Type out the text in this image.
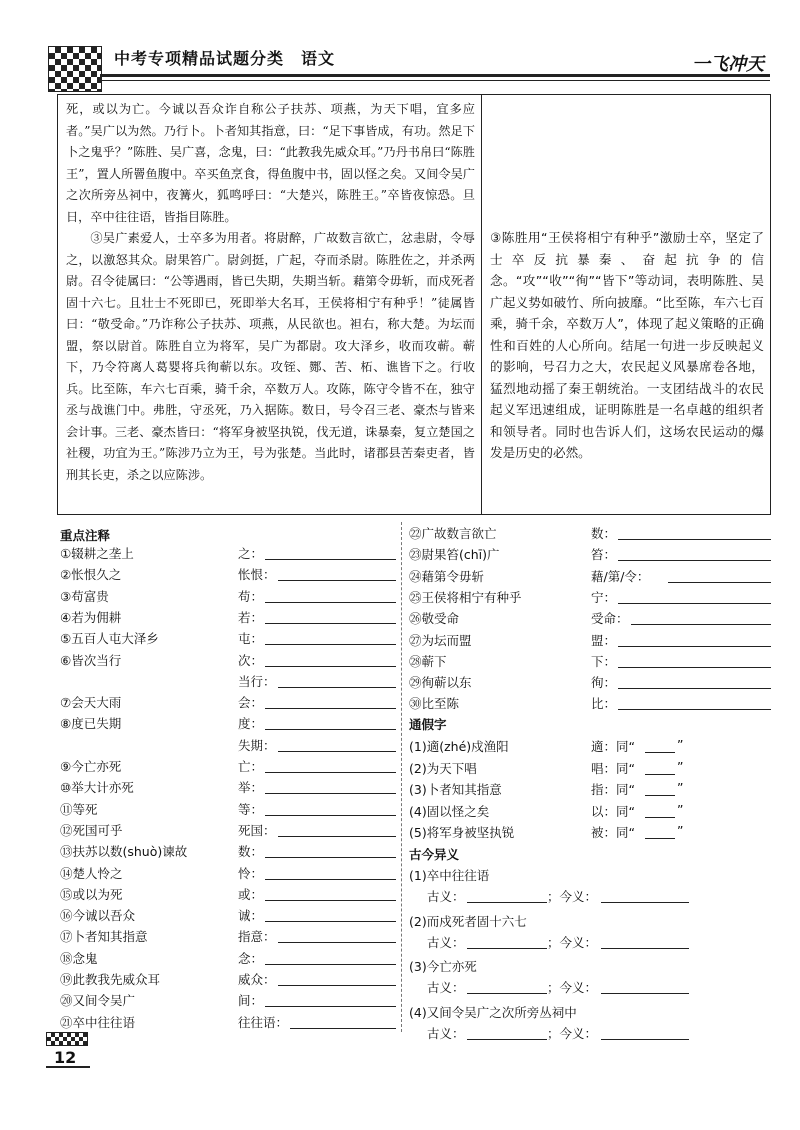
中考专项精品试题分类　语文	一飞冲天

死，或以为亡。今诚以吾众诈自称公子扶苏、项燕，为天下唱，宜多应者。”吴广以为然。乃行卜。卜者知其指意，曰：“足下事皆成，有功。然足下卜之鬼乎？”陈胜、吴广喜，念鬼，曰：“此教我先威众耳。”乃丹书帛曰“陈胜王”，置人所罾鱼腹中。卒买鱼烹食，得鱼腹中书，固以怪之矣。又间令吴广之次所旁丛祠中，夜篝火，狐鸣呼曰：“大楚兴，陈胜王。”卒皆夜惊恐。旦日，卒中往往语，皆指目陈胜。

③吴广素爱人，士卒多为用者。将尉醉，广故数言欲亡，忿恚尉，令辱之，以激怒其众。尉果笞广。尉剑挺，广起，夺而杀尉。陈胜佐之，并杀两尉。召令徒属曰：“公等遇雨，皆已失期，失期当斩。藉第令毋斩，而戍死者固十六七。且壮士不死即已，死即举大名耳，王侯将相宁有种乎！”徒属皆曰：“敬受命。”乃诈称公子扶苏、项燕，从民欲也。袒右，称大楚。为坛而盟，祭以尉首。陈胜自立为将军，吴广为都尉。攻大泽乡，收而攻蕲。蕲下，乃令符离人葛婴将兵徇蕲以东。攻铚、酂、苦、柘、谯皆下之。行收兵。比至陈，车六七百乘，骑千余，卒数万人。攻陈，陈守令皆不在，独守丞与战谯门中。弗胜，守丞死，乃入据陈。数日，号令召三老、豪杰与皆来会计事。三老、豪杰皆曰：“将军身被坚执锐，伐无道，诛暴秦，复立楚国之社稷，功宜为王。”陈涉乃立为王，号为张楚。当此时，诸郡县苦秦吏者，皆刑其长吏，杀之以应陈涉。

③陈胜用“王侯将相宁有种乎”激励士卒，坚定了士卒反抗暴秦、奋起抗争的信念。“攻”“收”“徇”“皆下”等动词，表明陈胜、吴广起义势如破竹、所向披靡。“比至陈，车六七百乘，骑千余，卒数万人”，体现了起义策略的正确性和百姓的人心所向。结尾一句进一步反映起义的影响，号召力之大，农民起义风暴席卷各地，猛烈地动摇了秦王朝统治。一支团结战斗的农民起义军迅速组成，证明陈胜是一名卓越的组织者和领导者。同时也告诉人们，这场农民运动的爆发是历史的必然。
重点注释
①辍耕之垄上	之：
②怅恨久之	怅恨：
③苟富贵	苟：
④若为佣耕	若：
⑤五百人屯大泽乡	屯：
⑥皆次当行	次：
当行：
⑦会天大雨	会：
⑧度已失期	度：
失期：
⑨今亡亦死	亡：
⑩举大计亦死	举：
⑪等死	等：
⑫死国可乎	死国：
⑬扶苏以数(shuò)谏故	数：
⑭楚人怜之	怜：
⑮或以为死	或：
⑯今诚以吾众	诚：
⑰卜者知其指意	指意：
⑱念鬼	念：
⑲此教我先威众耳	威众：
⑳又间令吴广	间：
㉑卒中往往语	往往语：
㉒广故数言欲亡	数：
㉓尉果笞(chī)广	笞：
㉔藉第令毋斩	藉/第/令：
㉕王侯将相宁有种乎	宁：
㉖敬受命	受命：
㉗为坛而盟	盟：
㉘蕲下	下：
㉙徇蕲以东	徇：
㉚比至陈	比：
通假字
(1)適(zhé)戍渔阳	適：同“	”
(2)为天下唱	唱：同“	”
(3)卜者知其指意	指：同“	”
(4)固以怪之矣	以：同“	”
(5)将军身被坚执锐	被：同“	”
古今异义
(1)卒中往往语
古义：	；今义：
(2)而戍死者固十六七
古义：	；今义：
(3)今亡亦死
古义：	；今义：
(4)又间令吴广之次所旁丛祠中
古义：	；今义：
12
